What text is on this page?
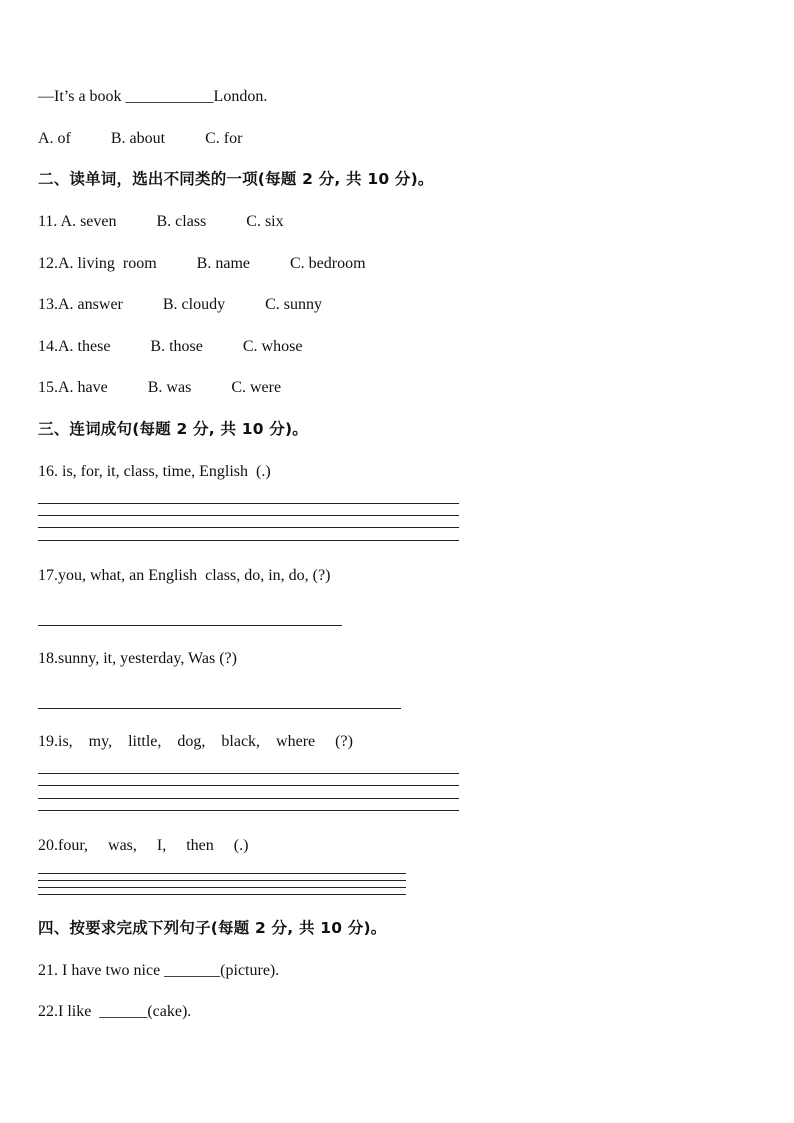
—It’s a book ___________London.
A. of          B. about          C. for
二、读单词，选出不同类的一项(每题 2 分, 共 10 分)。
11. A. seven          B. class          C. six
12.A. living  room          B. name          C. bedroom
13.A. answer          B. cloudy          C. sunny
14.A. these          B. those          C. whose
15.A. have          B. was          C. were
三、连词成句(每题 2 分, 共 10 分)。
16. is, for, it, class, time, English  (.)
17.you, what, an English  class, do, in, do, (?)
18.sunny, it, yesterday, Was (?)
19.is,    my,    little,    dog,    black,    where     (?)
20.four,     was,     I,     then     (.)
四、按要求完成下列句子(每题 2 分, 共 10 分)。
21. I have two nice _______(picture).
22.I like  ______(cake).
